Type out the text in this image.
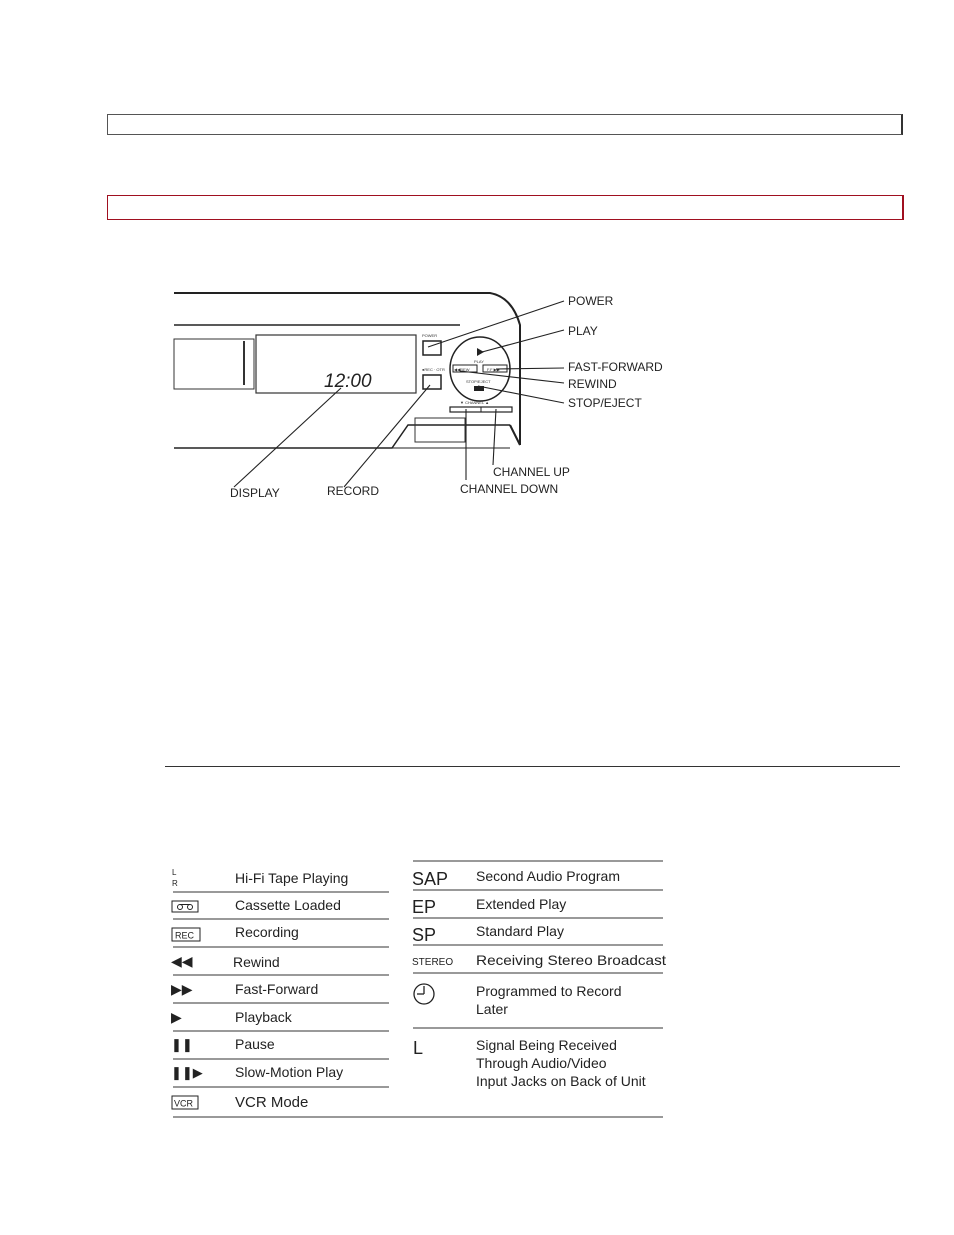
12:00
POWER
●REC · OTR
PLAY
◀◀REW	F.F ▶▶
STOP/EJECT
▼ CHANNEL ▲
POWER
PLAY
FAST-FORWARD
REWIND
STOP/EJECT
CHANNEL UP
CHANNEL DOWN
DISPLAY	RECORD
L
R
REC
◀◀
▶▶
▶
❚❚
❚❚▶
VCR
Hi-Fi Tape Playing
Cassette Loaded
Recording
Rewind
Fast-Forward
Playback
Pause
Slow-Motion Play
VCR Mode
SAP
EP
SP
STEREO
L
Second Audio Program
Extended Play
Standard Play
Receiving Stereo Broadcast
Programmed to Record Later
Signal Being Received Through Audio/Video Input Jacks on Back of Unit
